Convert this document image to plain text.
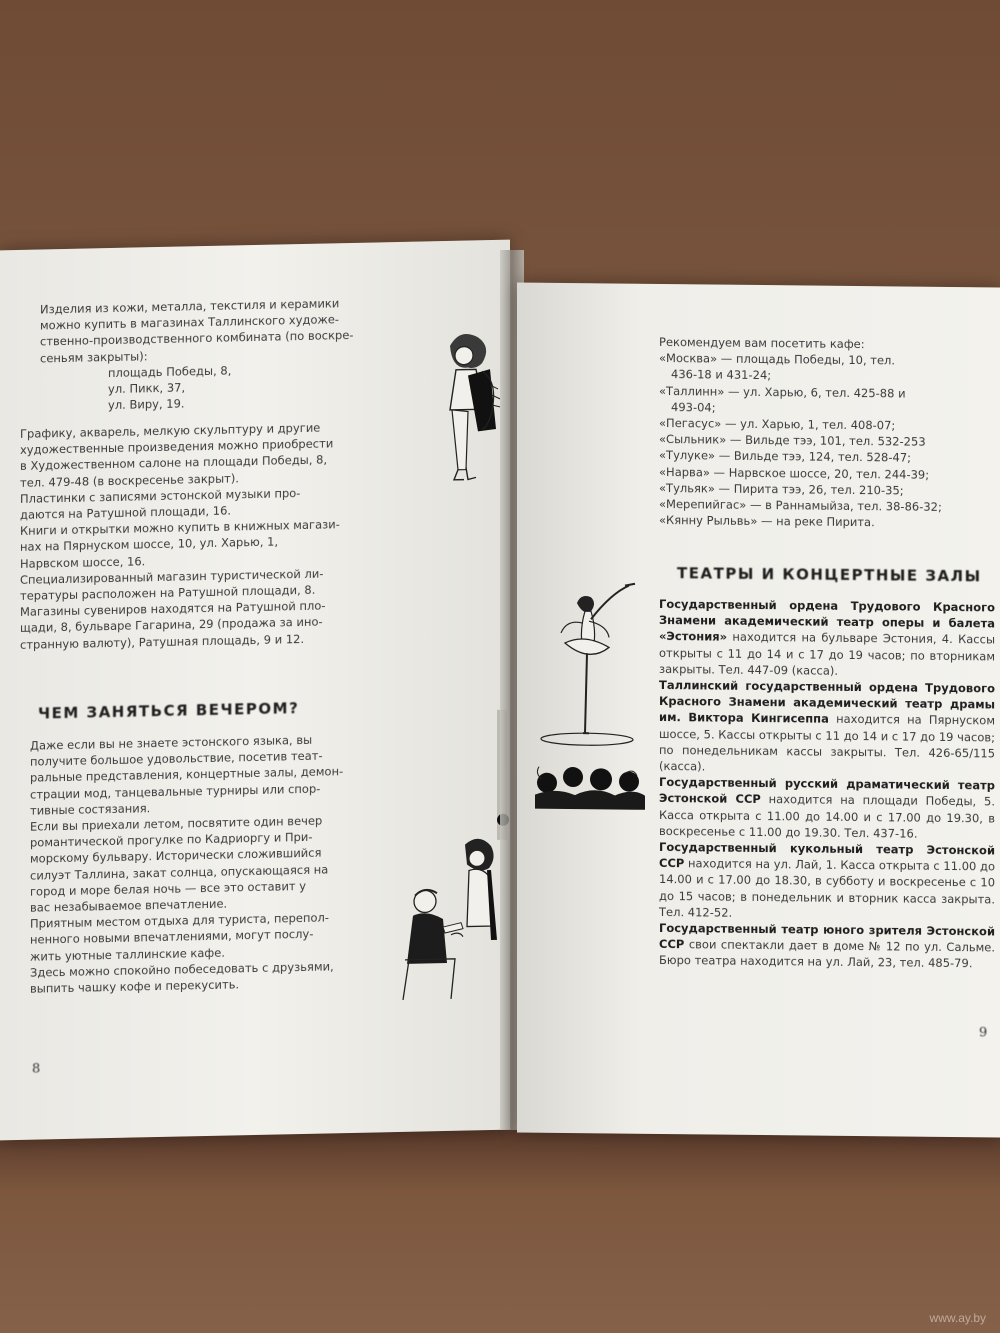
Изделия из кожи, металла, текстиля и керамики

можно купить в магазинах Таллинского художе-

ственно-производственного комбината (по воскре-

сеньям закрыты):

площадь Победы, 8,

ул. Пикк, 37,

ул. Виру, 19.

Графику, акварель, мелкую скульптуру и другие

художественные произведения можно приобрести

в Художественном салоне на площади Победы, 8,

тел. 479-48 (в воскресенье закрыт).

Пластинки с записями эстонской музыки про-

даются на Ратушной площади, 16.

Книги и открытки можно купить в книжных магази-

нах на Пярнуском шоссе, 10, ул. Харью, 1,

Нарвском шоссе, 16.

Специализированный магазин туристической ли-

тературы расположен на Ратушной площади, 8.

Магазины сувениров находятся на Ратушной пло-

щади, 8, бульваре Гагарина, 29 (продажа за ино-

странную валюту), Ратушная площадь, 9 и 12.

ЧЕМ ЗАНЯТЬСЯ ВЕЧЕРОМ?

Даже если вы не знаете эстонского языка, вы

получите большое удовольствие, посетив теат-

ральные представления, концертные залы, демон-

страции мод, танцевальные турниры или спор-

тивные состязания.

Если вы приехали летом, посвятите один вечер

романтической прогулке по Кадриоргу и При-

морскому бульвару. Исторически сложившийся

силуэт Таллина, закат солнца, опускающаяся на

город и море белая ночь — все это оставит у

вас незабываемое впечатление.

Приятным местом отдыха для туриста, перепол-

ненного новыми впечатлениями, могут послу-

жить уютные таллинские кафе.

Здесь можно спокойно побеседовать с друзьями,

выпить чашку кофе и перекусить.

8

Рекомендуем вам посетить кафе:

«Москва» — площадь Победы, 10, тел.

436-18 и 431-24;

«Таллинн» — ул. Харью, 6, тел. 425-88 и

493-04;

«Пегасус» — ул. Харью, 1, тел. 408-07;

«Сыльник» — Вильде тээ, 101, тел. 532-253

«Тулуке» — Вильде тээ, 124, тел. 528-47;

«Нарва» — Нарвское шоссе, 20, тел. 244-39;

«Тульяк» — Пирита тээ, 26, тел. 210-35;

«Мерепийгас» — в Раннамыйза, тел. 38-86-32;

«Кянну Рыльвь» — на реке Пирита.

ТЕАТРЫ И КОНЦЕРТНЫЕ ЗАЛЫ

Государственный ордена Трудового Красного Знамени академический театр оперы и балета «Эстония» находится на бульваре Эстония, 4. Кассы открыты с 11 до 14 и с 17 до 19 часов; по вторникам закрыты. Тел. 447-09 (касса).

Таллинский государственный ордена Трудового Красного Знамени академический театр драмы им. Виктора Кингисеппа находится на Пярнуском шоссе, 5. Кассы открыты с 11 до 14 и с 17 до 19 часов; по понедельникам кассы закрыты. Тел. 426-65/115 (касса).

Государственный русский драматический театр Эстонской ССР находится на площади Победы, 5. Касса открыта с 11.00 до 14.00 и с 17.00 до 19.30, в воскресенье с 11.00 до 19.30. Тел. 437-16.

Государственный кукольный театр Эстонской ССР находится на ул. Лай, 1. Касса открыта с 11.00 до 14.00 и с 17.00 до 18.30, в субботу и воскресенье с 10 до 15 часов; в понедельник и вторник касса закрыта. Тел. 412-52.

Государственный театр юного зрителя Эстонской ССР свои спектакли дает в доме № 12 по ул. Сальме. Бюро театра находится на ул. Лай, 23, тел. 485-79.

9
www.ay.by
